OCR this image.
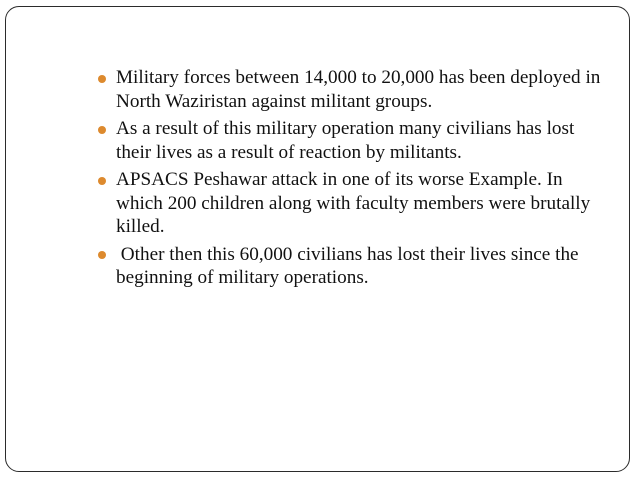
Military forces between 14,000 to 20,000 has been deployed in North Waziristan against militant groups.
As a result of this military operation many civilians has lost their lives as a result of reaction by militants.
APSACS Peshawar attack in one of its worse Example. In which 200 children along with faculty members were brutally killed.
Other then this 60,000 civilians has lost their lives since the beginning of military operations.
